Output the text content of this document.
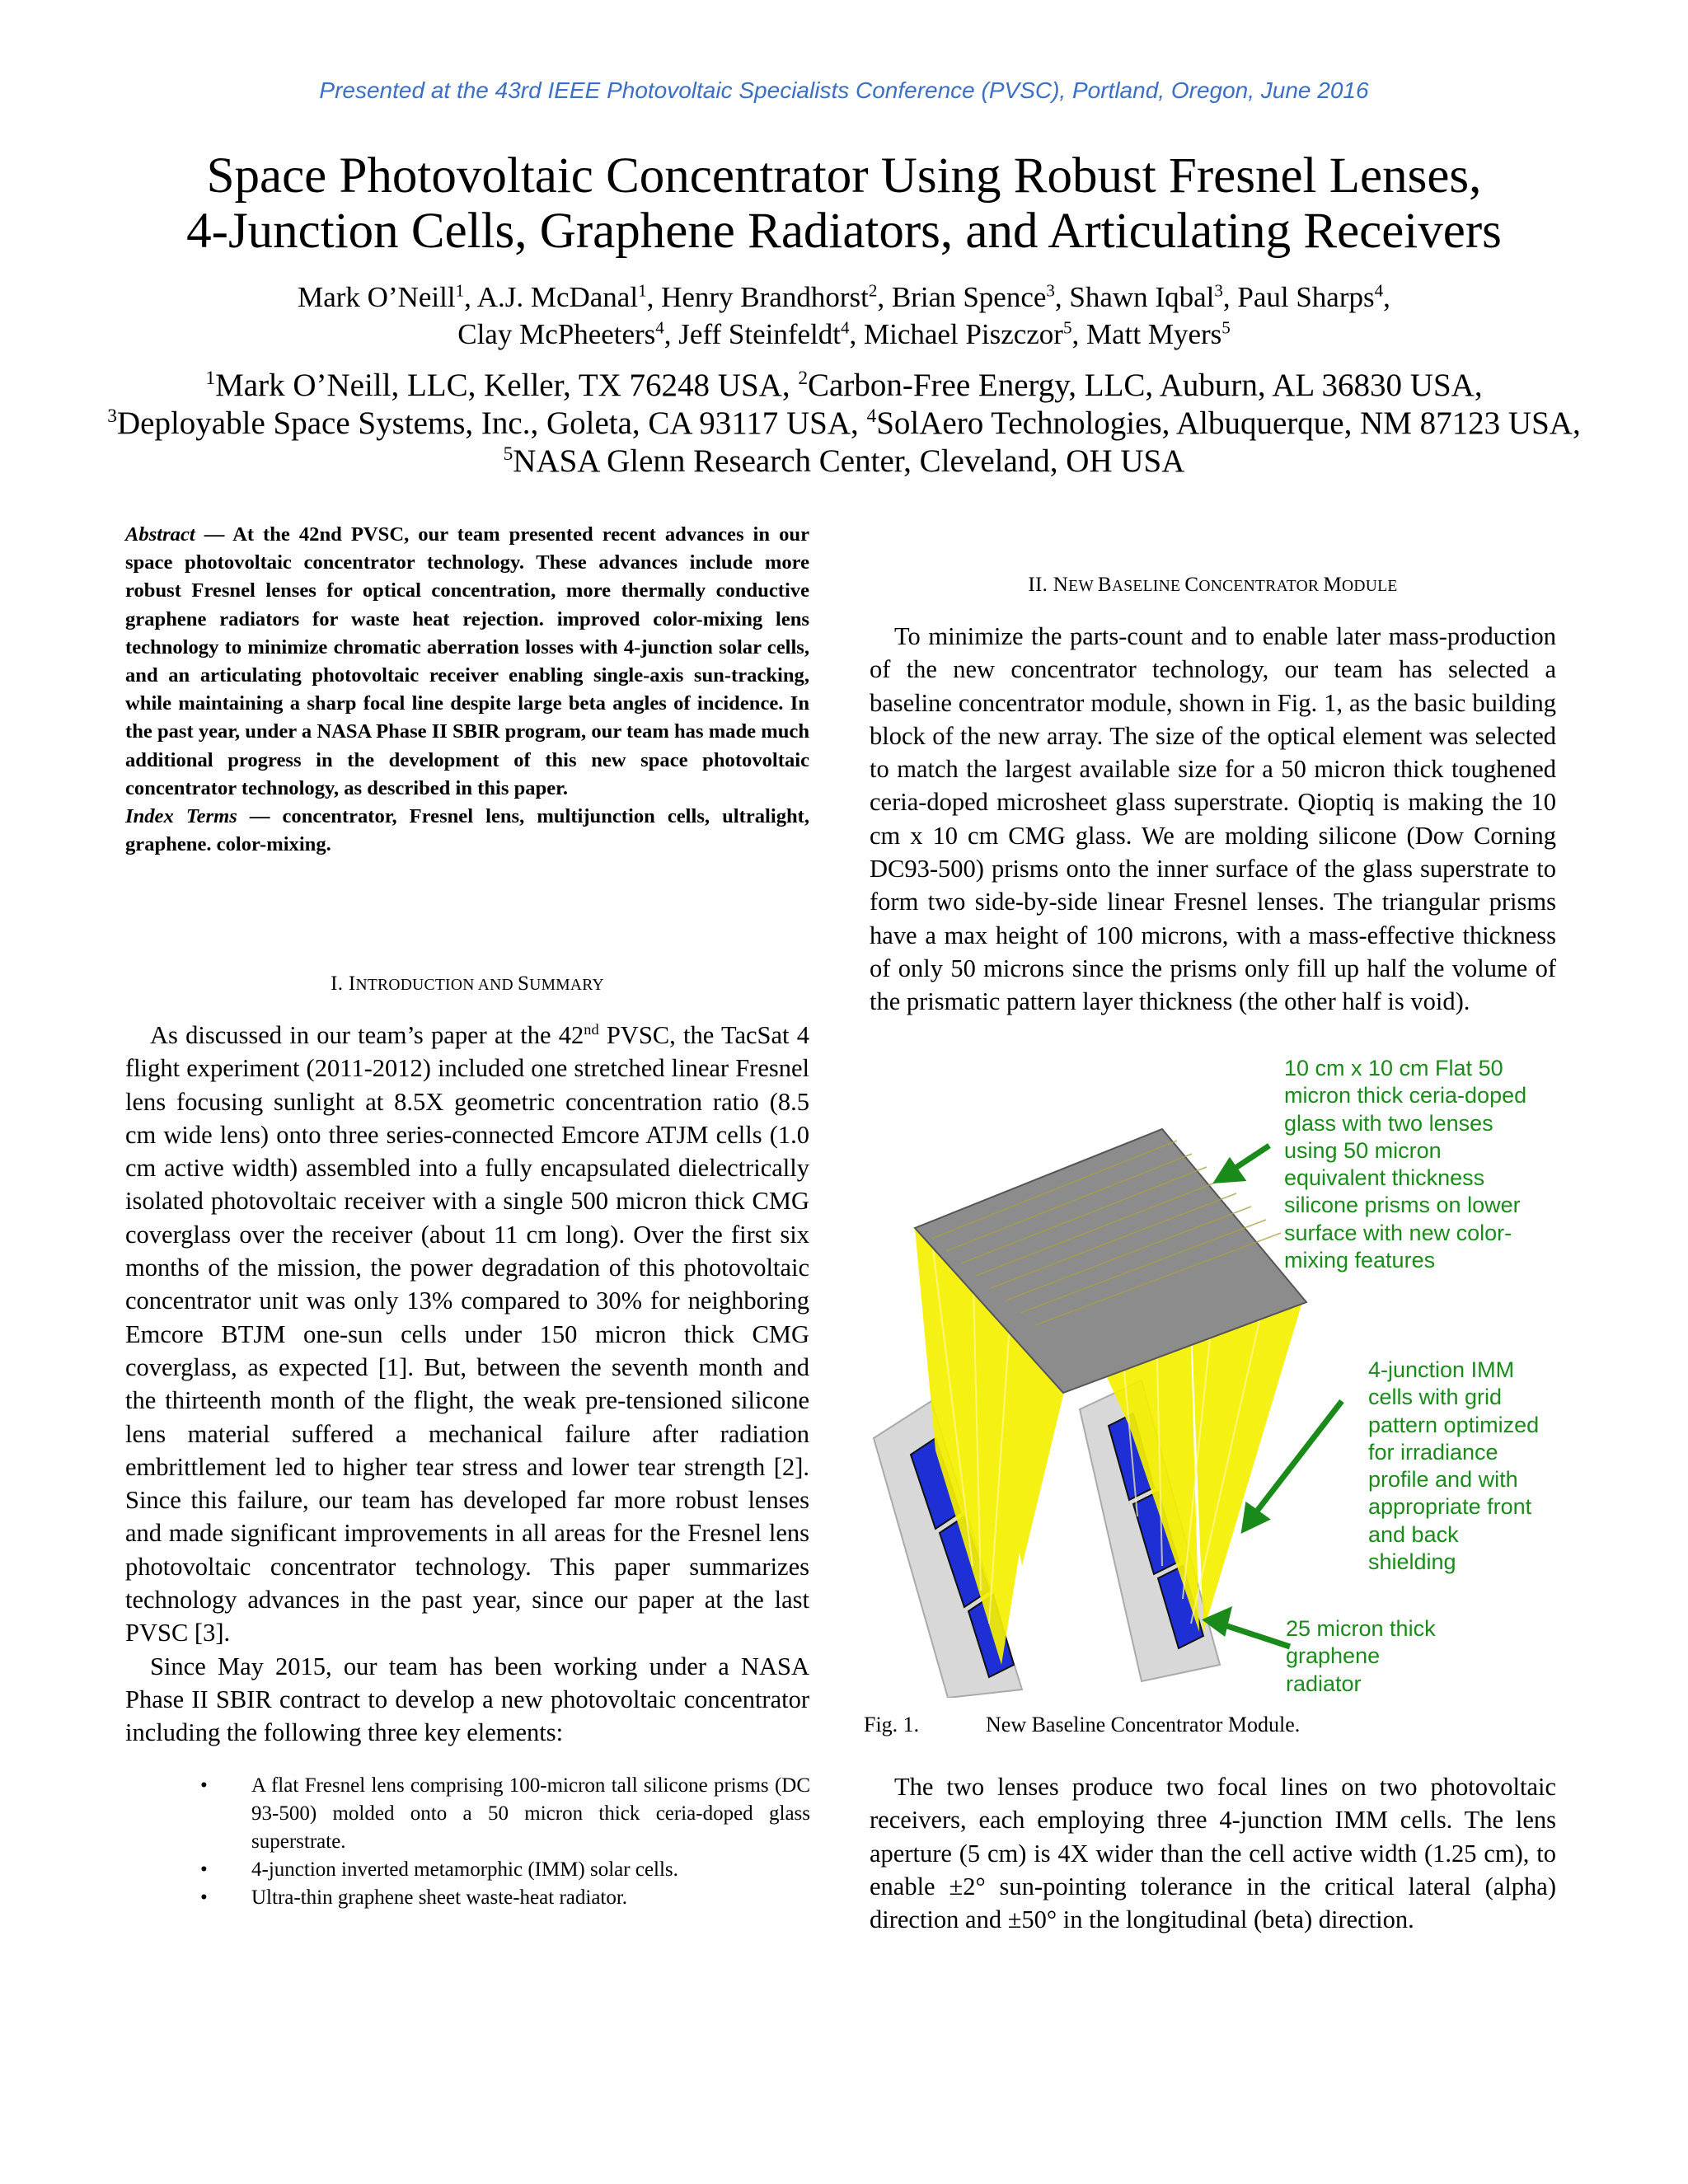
Presented at the 43rd IEEE Photovoltaic Specialists Conference (PVSC), Portland, Oregon, June 2016
Space Photovoltaic Concentrator Using Robust Fresnel Lenses,
4-Junction Cells, Graphene Radiators, and Articulating Receivers
Mark O’Neill$^1$, A.J. McDanal$^1$, Henry Brandhorst$^2$, Brian Spence$^3$, Shawn Iqbal$^3$, Paul Sharps$^4$,
Clay McPheeters$^4$, Jeff Steinfeldt$^4$, Michael Piszczor$^5$, Matt Myers$^5$
$^1$Mark O’Neill, LLC, Keller, TX 76248 USA, $^2$Carbon-Free Energy, LLC, Auburn, AL 36830 USA,
$^3$Deployable Space Systems, Inc., Goleta, CA 93117 USA, $^4$SolAero Technologies, Albuquerque, NM 87123 USA, $^5$NASA Glenn Research Center, Cleveland, OH USA

Abstract — At the 42nd PVSC, our team presented recent advances in our space photovoltaic concentrator technology. These advances include more robust Fresnel lenses for optical concentration, more thermally conductive graphene radiators for waste heat rejection. improved color-mixing lens technology to minimize chromatic aberration losses with 4-junction solar cells, and an articulating photovoltaic receiver enabling single-axis sun-tracking, while maintaining a sharp focal line despite large beta angles of incidence. In the past year, under a NASA Phase II SBIR program, our team has made much additional progress in the development of this new space photovoltaic concentrator technology, as described in this paper.

Index Terms — concentrator, Fresnel lens, multijunction cells, ultralight, graphene. color-mixing.

I. INTRODUCTION AND SUMMARY

As discussed in our team’s paper at the 42nd PVSC, the TacSat 4 flight experiment (2011-2012) included one stretched linear Fresnel lens focusing sunlight at 8.5X geometric concentration ratio (8.5 cm wide lens) onto three series-connected Emcore ATJM cells (1.0 cm active width) assembled into a fully encapsulated dielectrically isolated photovoltaic receiver with a single 500 micron thick CMG coverglass over the receiver (about 11 cm long). Over the first six months of the mission, the power degradation of this photovoltaic concentrator unit was only 13% compared to 30% for neighboring Emcore BTJM one-sun cells under 150 micron thick CMG coverglass, as expected [1]. But, between the seventh month and the thirteenth month of the flight, the weak pre-tensioned silicone lens material suffered a mechanical failure after radiation embrittlement led to higher tear stress and lower tear strength [2]. Since this failure, our team has developed far more robust lenses and made significant improvements in all areas for the Fresnel lens photovoltaic concentrator technology. This paper summarizes technology advances in the past year, since our paper at the last PVSC [3].

Since May 2015, our team has been working under a NASA Phase II SBIR contract to develop a new photovoltaic concentrator including the following three key elements:

• A flat Fresnel lens comprising 100-micron tall silicone prisms (DC 93-500) molded onto a 50 micron thick ceria-doped glass superstrate.
• 4-junction inverted metamorphic (IMM) solar cells.
• Ultra-thin graphene sheet waste-heat radiator.
II. NEW BASELINE CONCENTRATOR MODULE

To minimize the parts-count and to enable later mass-production of the new concentrator technology, our team has selected a baseline concentrator module, shown in Fig. 1, as the basic building block of the new array. The size of the optical element was selected to match the largest available size for a 50 micron thick toughened ceria-doped microsheet glass superstrate. Qioptiq is making the 10 cm x 10 cm CMG glass. We are molding silicone (Dow Corning DC93-500) prisms onto the inner surface of the glass superstrate to form two side-by-side linear Fresnel lenses. The triangular prisms have a max height of 100 microns, with a mass-effective thickness of only 50 microns since the prisms only fill up half the volume of the prismatic pattern layer thickness (the other half is void).

10 cm x 10 cm Flat 50
micron thick ceria-doped
glass with two lenses
using 50 micron
equivalent thickness
silicone prisms on lower
surface with new color-
mixing features
4-junction IMM
cells with grid
pattern optimized
for irradiance
profile and with
appropriate front
and back
shielding
25 micron thick
graphene
radiator
Fig. 1.	New Baseline Concentrator Module.

The two lenses produce two focal lines on two photovoltaic receivers, each employing three 4-junction IMM cells. The lens aperture (5 cm) is 4X wider than the cell active width (1.25 cm), to enable ±2° sun-pointing tolerance in the critical lateral (alpha) direction and ±50° in the longitudinal (beta) direction.
